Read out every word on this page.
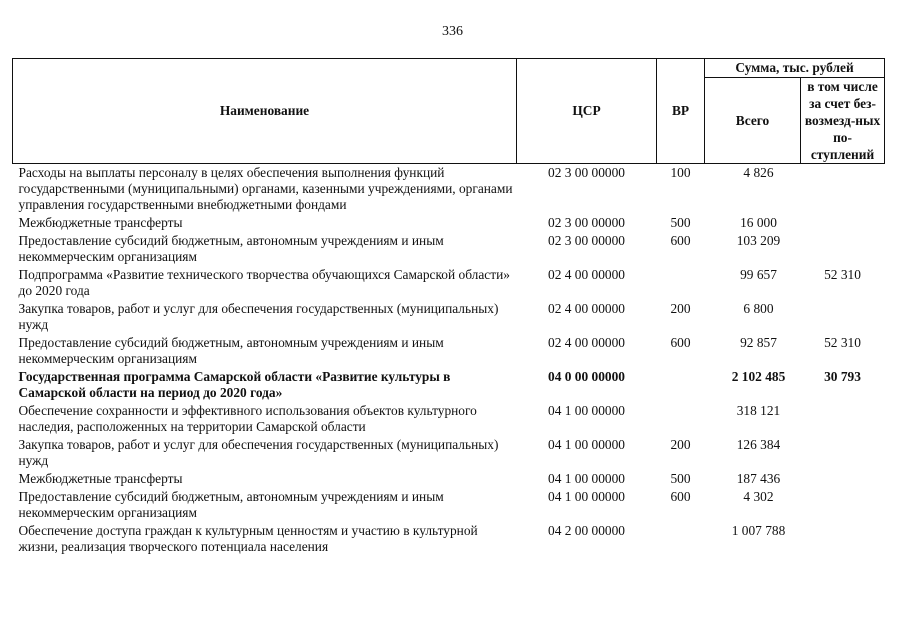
336
Наименование	ЦСР	ВР	Сумма, тыс. рублей	
			Всего	в том числе за счет без-возмезд-ных по-ступлений
Расходы на выплаты персоналу в целях обеспечения выполнения функций государственными (муниципальными) органами, казенными учреждениями, органами управления государственными внебюджетными фондами	02 3 00 00000	100	4 826	
Межбюджетные трансферты	02 3 00 00000	500	16 000	
Предоставление субсидий бюджетным, автономным учреждениям и иным некоммерческим организациям	02 3 00 00000	600	103 209	
Подпрограмма «Развитие технического творчества обучающихся Самарской области» до 2020 года	02 4 00 00000		99 657	52 310
Закупка товаров, работ и услуг для обеспечения государственных (муниципальных) нужд	02 4 00 00000	200	6 800	
Предоставление субсидий бюджетным, автономным учреждениям и иным некоммерческим организациям	02 4 00 00000	600	92 857	52 310
Государственная программа Самарской области «Развитие культуры в Самарской области на период до 2020 года»	04 0 00 00000		2 102 485	30 793
Обеспечение сохранности и эффективного использования объектов культурного наследия, расположенных на территории Самарской области	04 1 00 00000		318 121	
Закупка товаров, работ и услуг для обеспечения государственных (муниципальных) нужд	04 1 00 00000	200	126 384	
Межбюджетные трансферты	04 1 00 00000	500	187 436	
Предоставление субсидий бюджетным, автономным учреждениям и иным некоммерческим организациям	04 1 00 00000	600	4 302	
Обеспечение доступа граждан к культурным ценностям и участию в культурной жизни, реализация творческого потенциала населения	04 2 00 00000		1 007 788	
